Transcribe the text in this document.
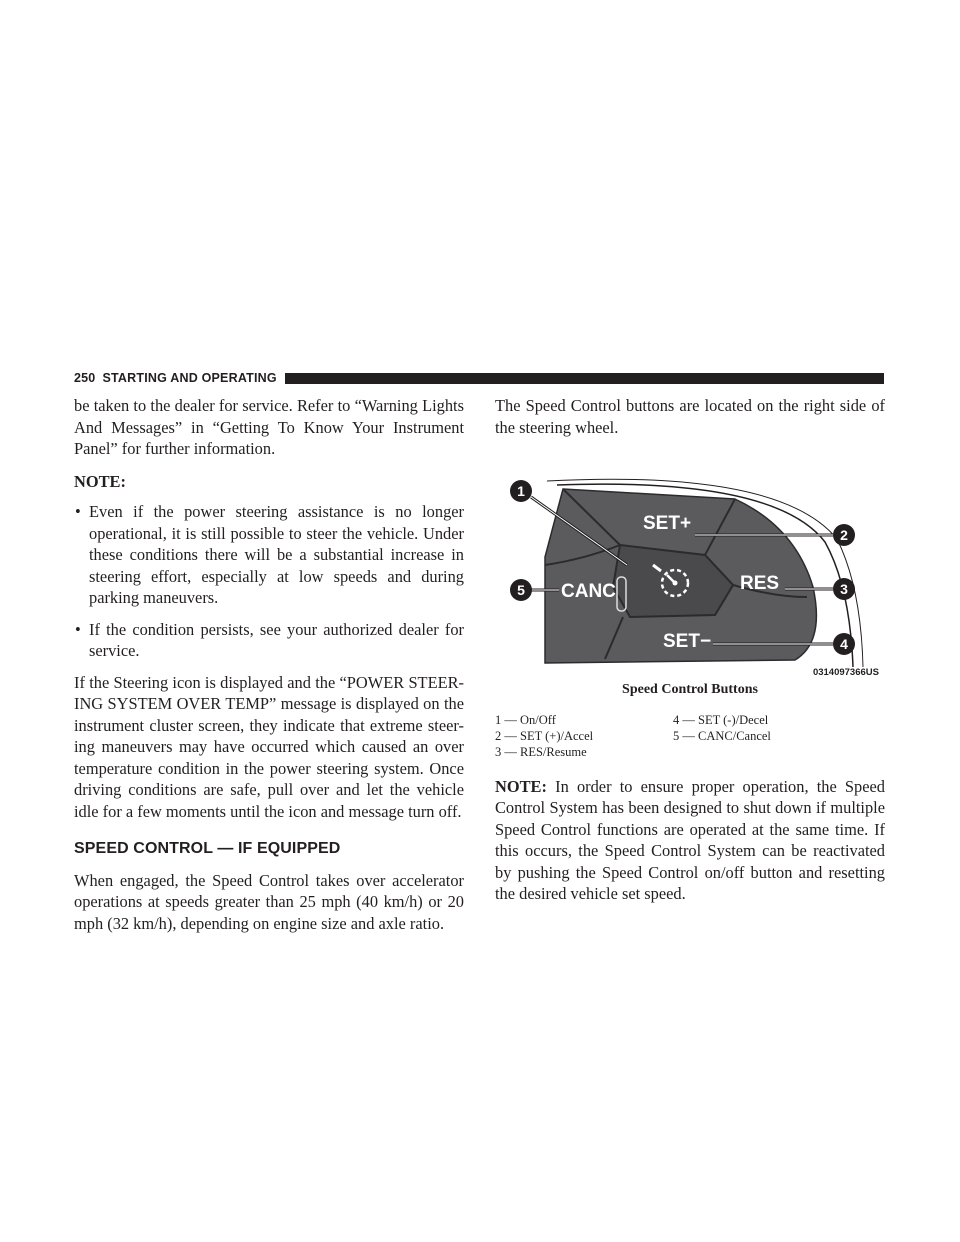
250 STARTING AND OPERATING

be taken to the dealer for service. Refer to “Warning Lights And Messages” in “Getting To Know Your Instrument Panel” for further information.

NOTE:
• Even if the power steering assistance is no longer operational, it is still possible to steer the vehicle. Under these conditions there will be a substantial increase in steering effort, especially at low speeds and during parking maneuvers.
• If the condition persists, see your authorized dealer for service.

If the Steering icon is displayed and the “POWER STEER-ING SYSTEM OVER TEMP” message is displayed on the instrument cluster screen, they indicate that extreme steer-ing maneuvers may have occurred which caused an over temperature condition in the power steering system. Once driving conditions are safe, pull over and let the vehicle idle for a few moments until the icon and message turn off.

SPEED CONTROL — IF EQUIPPED

When engaged, the Speed Control takes over accelerator operations at speeds greater than 25 mph (40 km/h) or 20 mph (32 km/h), depending on engine size and axle ratio.

The Speed Control buttons are located on the right side of the steering wheel.

SET+
RES
CANC
SET−
1
2
3
4
5
0314097366US
Speed Control Buttons
1 — On/Off	4 — SET (-)/Decel
2 — SET (+)/Accel	5 — CANC/Cancel
3 — RES/Resume

NOTE: In order to ensure proper operation, the Speed Control System has been designed to shut down if multiple Speed Control functions are operated at the same time. If this occurs, the Speed Control System can be reactivated by pushing the Speed Control on/off button and resetting the desired vehicle set speed.
